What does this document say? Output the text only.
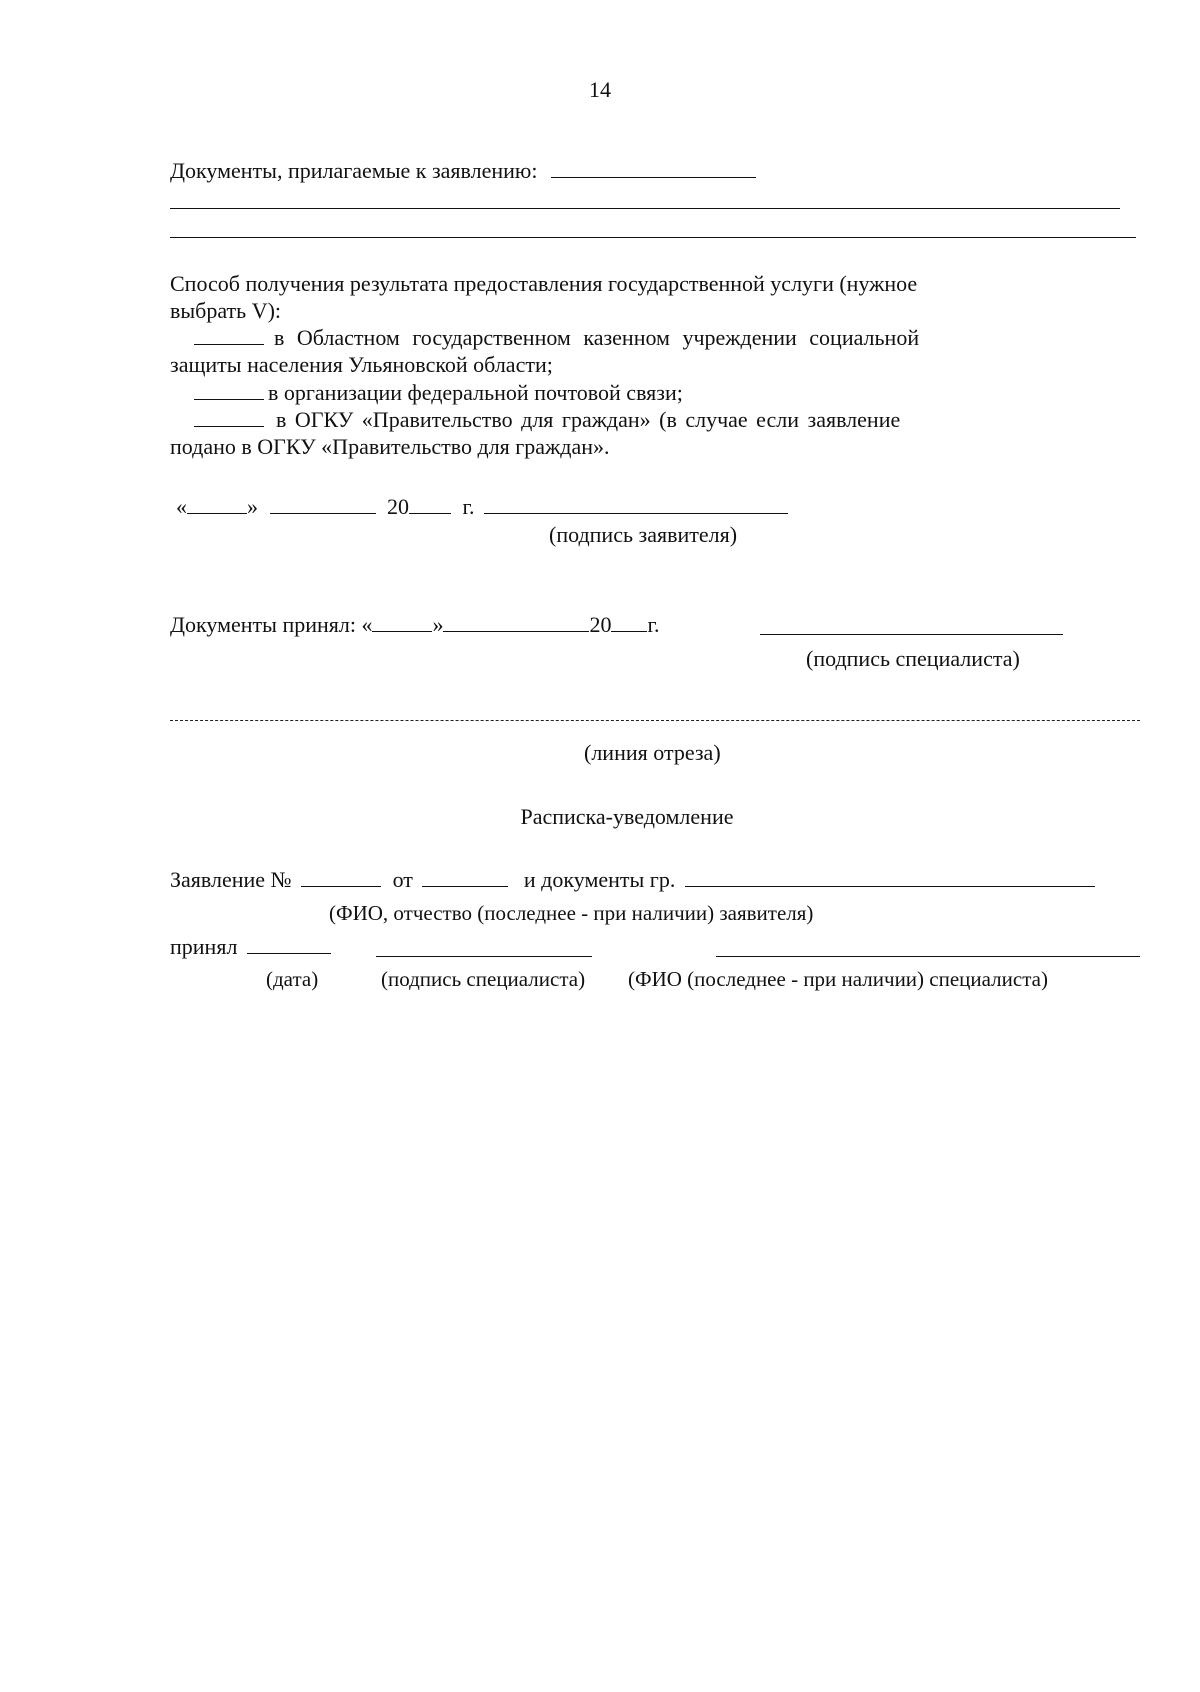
14
Документы, прилагаемые к заявлению:
Способ получения результата предоставления государственной услуги (нужное
выбрать V):
в Областном государственном казенном учреждении социальной
защиты населения Ульяновской области;
в организации федеральной почтовой связи;
в ОГКУ «Правительство для граждан» (в случае если заявление
подано в ОГКУ «Правительство для граждан».
«	»	20 г.
(подпись заявителя)
Документы принял: «	»	20 г.
(подпись специалиста)
(линия отреза)
Расписка-уведомление
Заявление №	от	и документы гр.
(ФИО, отчество (последнее - при наличии) заявителя)
принял
(дата)	(подпись специалиста) (ФИО (последнее - при наличии) специалиста)
